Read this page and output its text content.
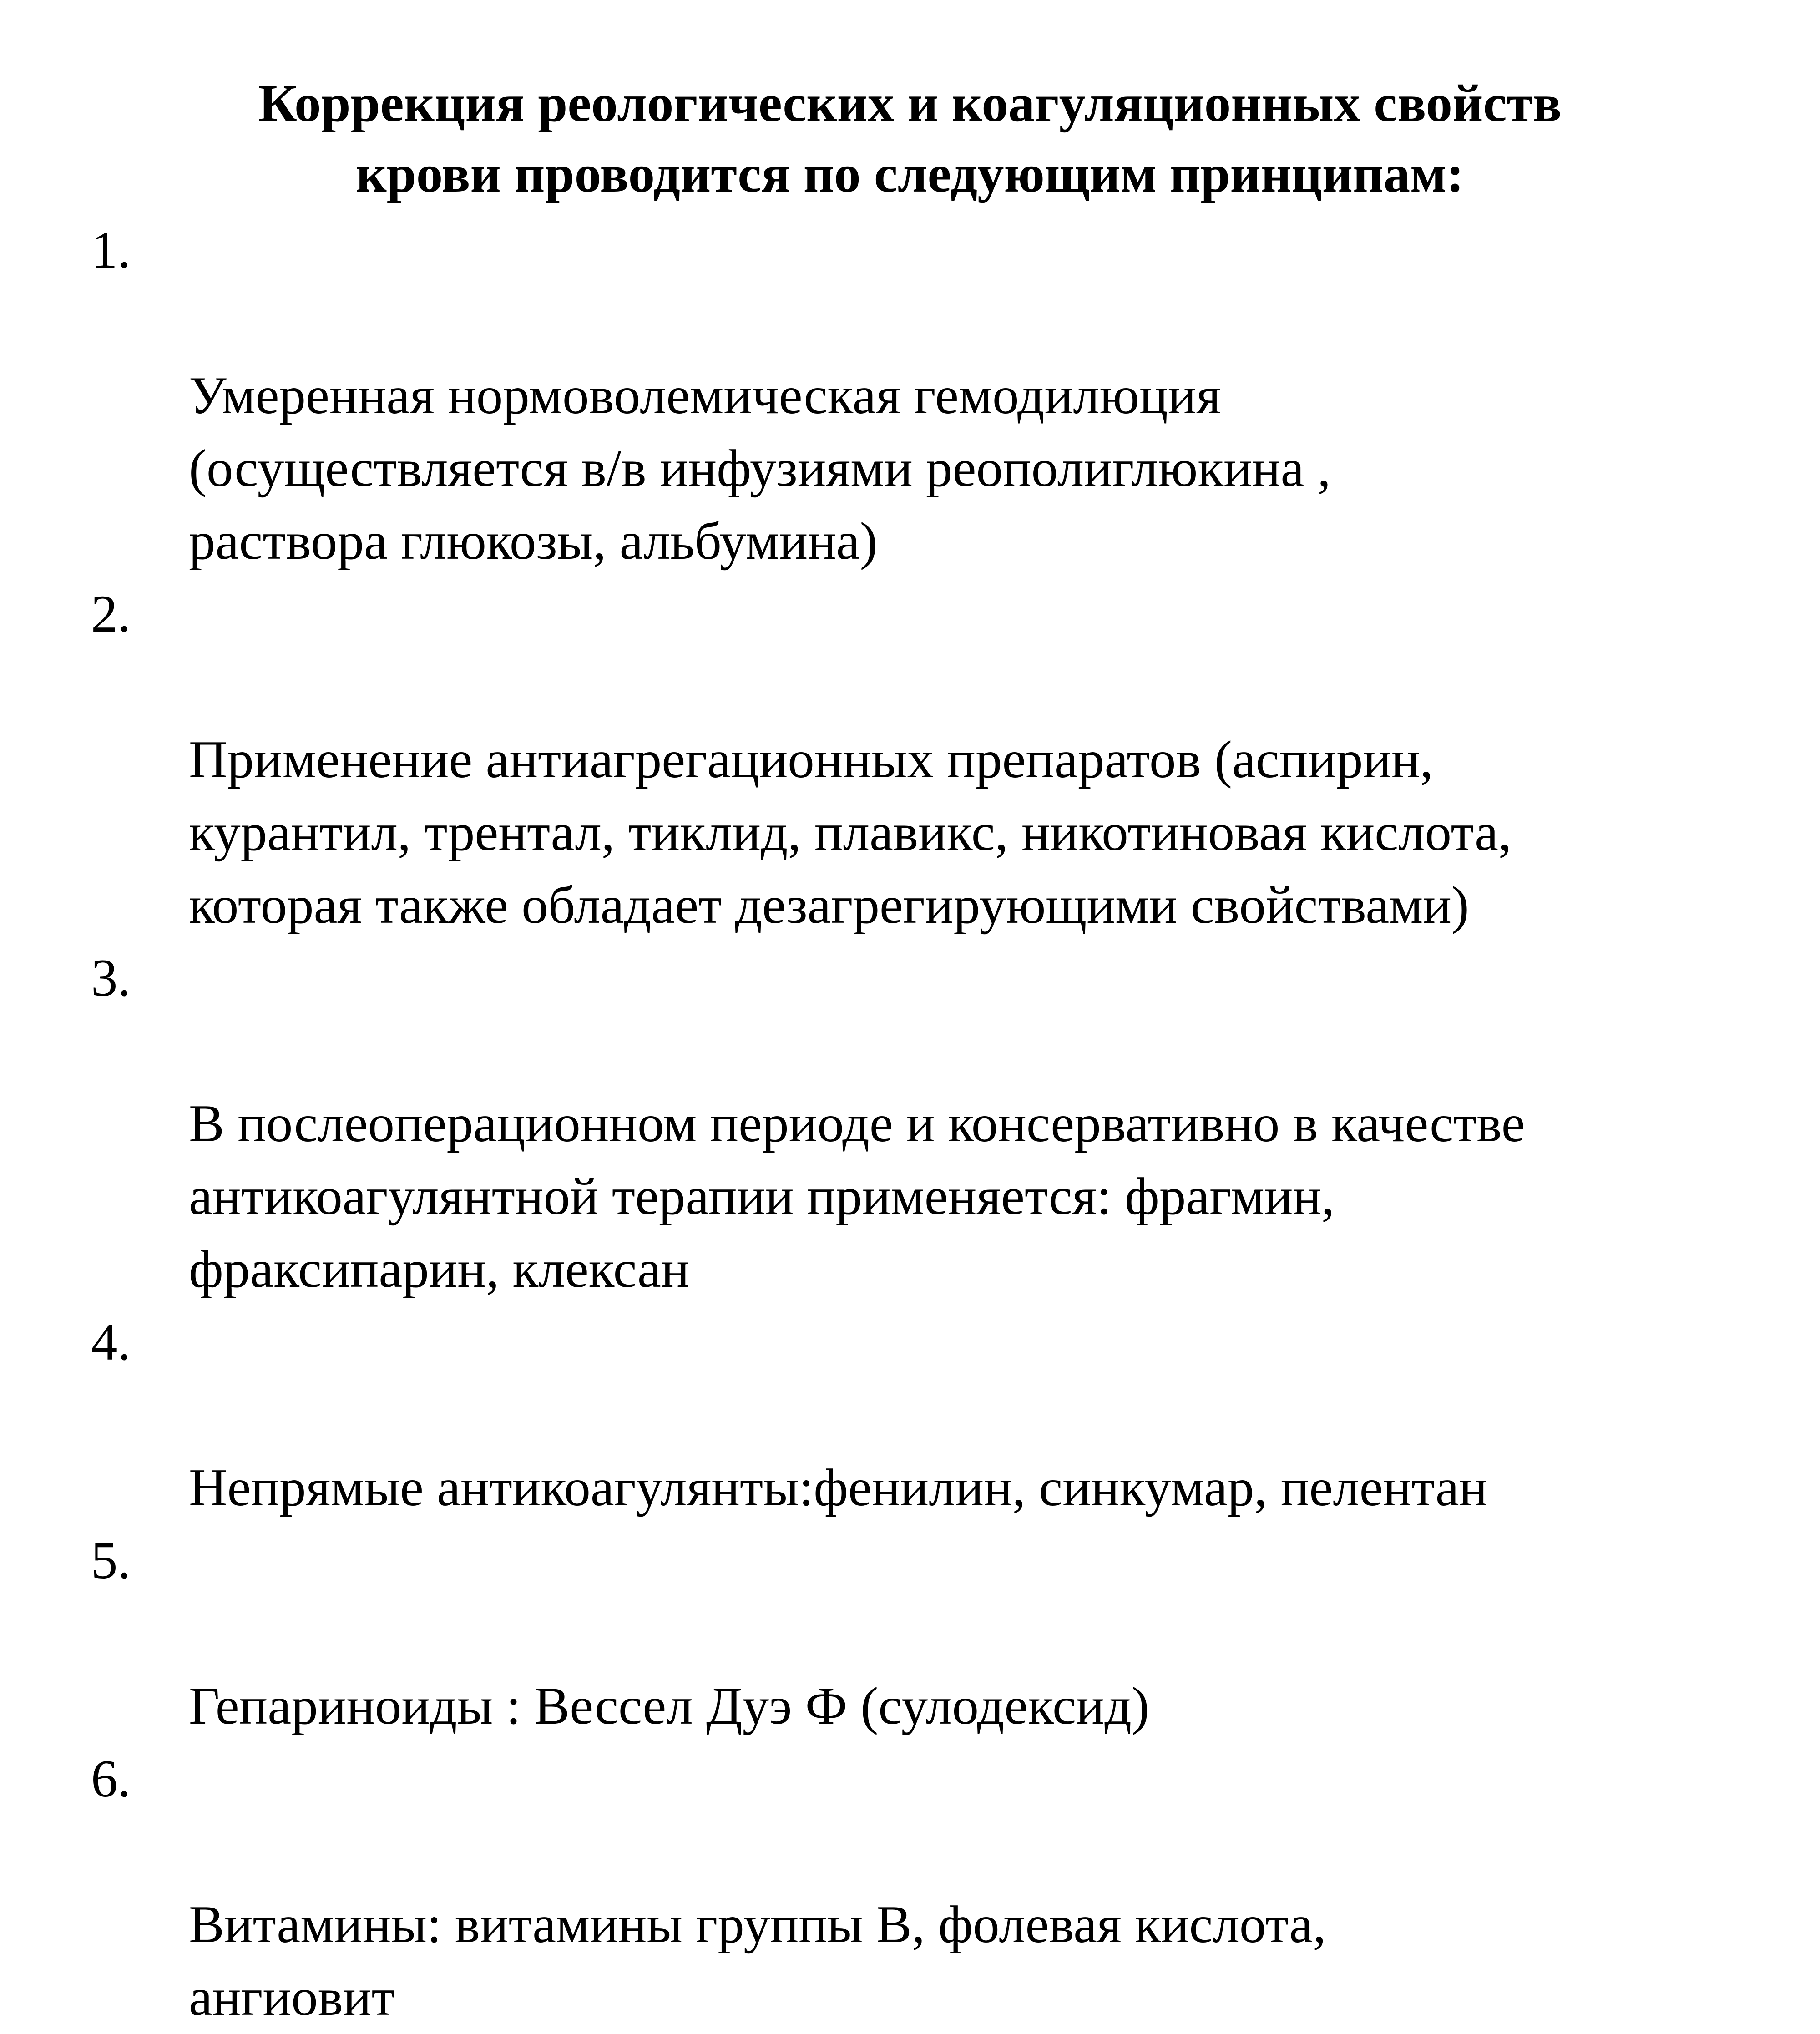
Коррекция реологических и коагуляционных свойств
крови проводится по следующим принципам:

1.

Умеренная нормоволемическая гемодилюция
(осуществляется в/в инфузиями реополиглюкина ,
раствора глюкозы, альбумина)

2.

Применение антиагрегационных препаратов (аспирин,
курантил, трентал, тиклид, плавикс, никотиновая кислота,
которая также обладает дезагрегирующими свойствами)

3.

В послеоперационном периоде и консервативно в качестве
антикоагулянтной терапии применяется: фрагмин,
фраксипарин, клексан

4.

Непрямые антикоагулянты:фенилин, синкумар, пелентан

5.

Гепариноиды : Вессел Дуэ Ф (сулодексид)

6.

Витамины: витамины группы В, фолевая кислота,
ангиовит
